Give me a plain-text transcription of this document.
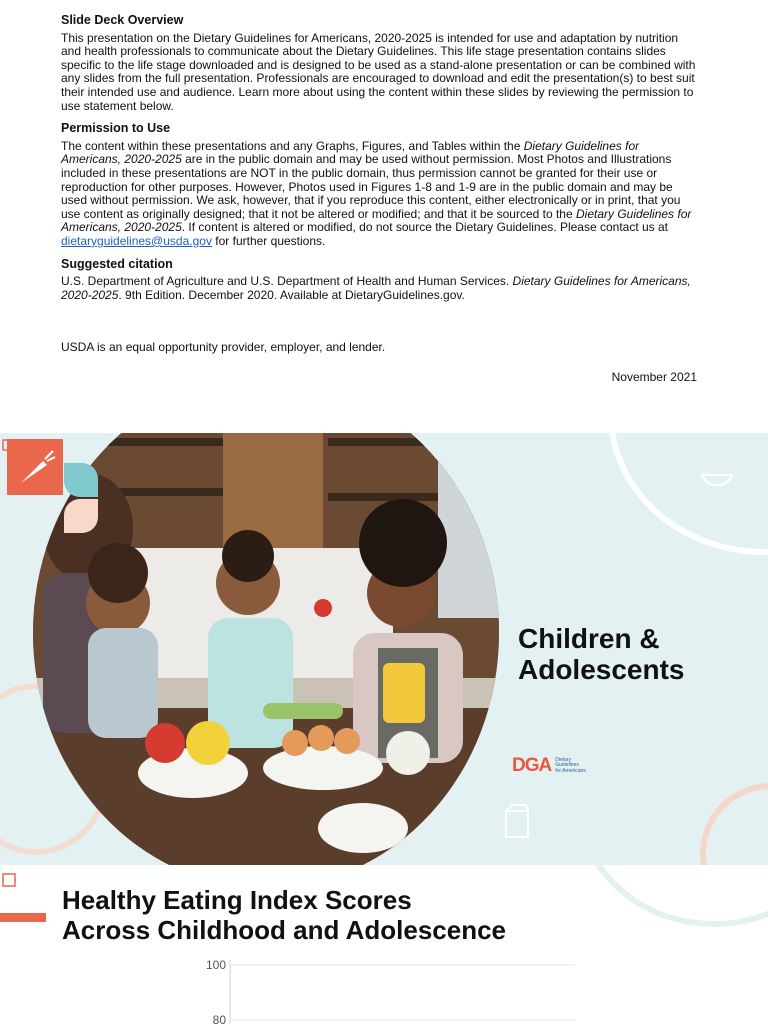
Slide Deck Overview

This presentation on the Dietary Guidelines for Americans, 2020-2025 is intended for use and adaptation by nutrition and health professionals to communicate about the Dietary Guidelines. This life stage presentation contains slides specific to the life stage downloaded and is designed to be used as a stand-alone presentation or can be combined with any slides from the full presentation. Professionals are encouraged to download and edit the presentation(s) to best suit their intended use and audience. Learn more about using the content within these slides by reviewing the permission to use statement below.

Permission to Use

The content within these presentations and any Graphs, Figures, and Tables within the Dietary Guidelines for Americans, 2020-2025 are in the public domain and may be used without permission. Most Photos and Illustrations included in these presentations are NOT in the public domain, thus permission cannot be granted for their use or reproduction for other purposes. However, Photos used in Figures 1-8 and 1-9 are in the public domain and may be used without permission. We ask, however, that if you reproduce this content, either electronically or in print, that you use content as originally designed; that it not be altered or modified; and that it be sourced to the Dietary Guidelines for Americans, 2020-2025. If content is altered or modified, do not source the Dietary Guidelines. Please contact us at dietaryguidelines@usda.gov for further questions.

Suggested citation

U.S. Department of Agriculture and U.S. Department of Health and Human Services. Dietary Guidelines for Americans, 2020-2025. 9th Edition. December 2020. Available at DietaryGuidelines.gov.

USDA is an equal opportunity provider, employer, and lender.

November 2021
Children &
Adolescents
DGA Dietary
Guidelines
for Americans
Healthy Eating Index Scores
Across Childhood and Adolescence
100
80
